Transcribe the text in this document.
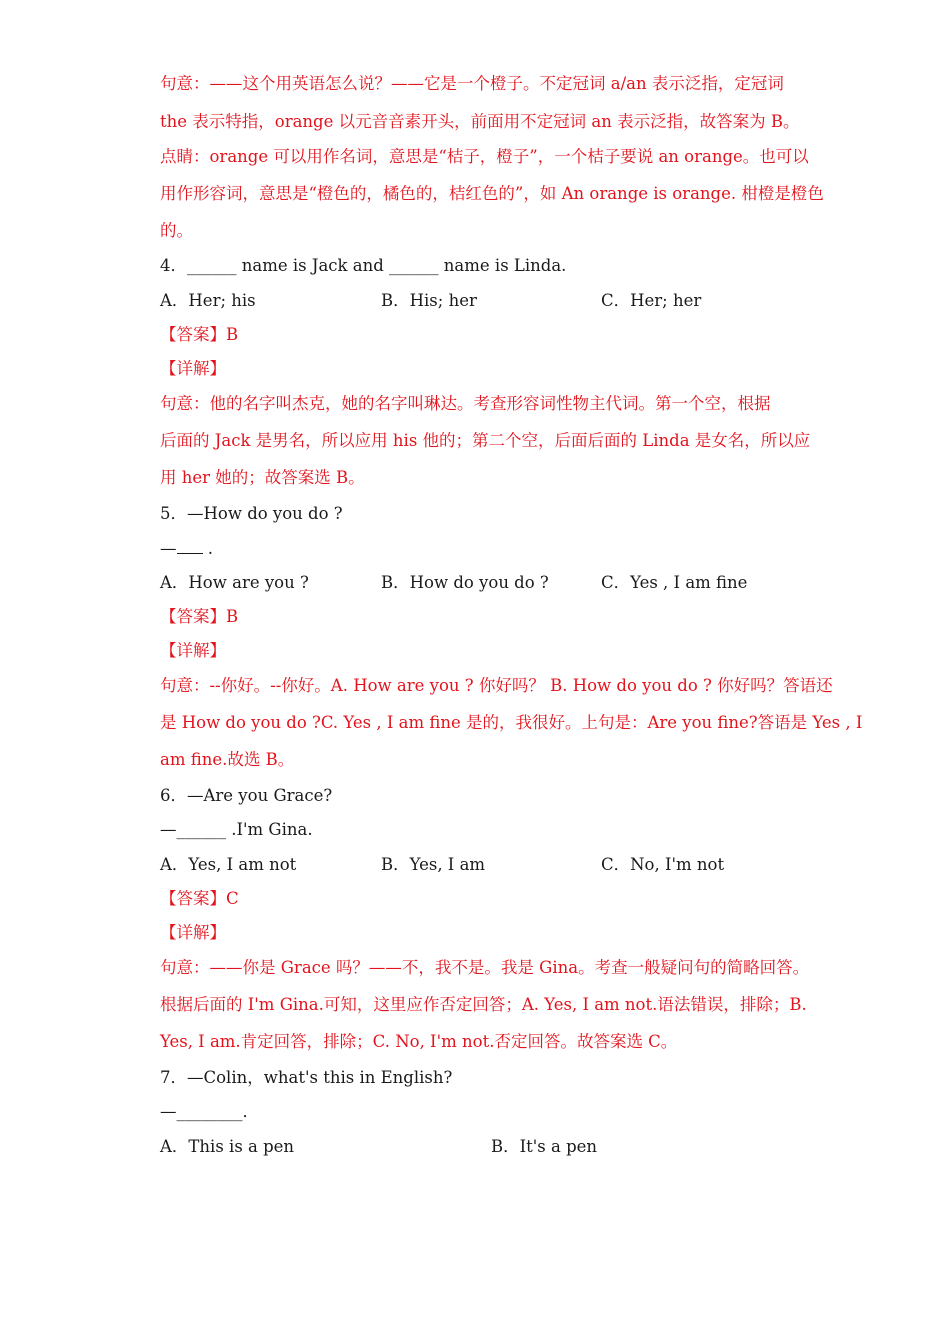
句意：——这个用英语怎么说？——它是一个橙子。不定冠词 a/an 表示泛指，定冠词
the 表示特指，orange 以元音音素开头，前面用不定冠词 an 表示泛指，故答案为 B。
点睛：orange 可以用作名词，意思是“桔子，橙子”，一个桔子要说 an orange。也可以
用作形容词，意思是“橙色的，橘色的，桔红色的”，如 An orange is orange. 柑橙是橙色
的。
4．______ name is Jack and ______ name is Linda.
A．Her; his	B．His; her	C．Her; her
【答案】B
【详解】
句意：他的名字叫杰克，她的名字叫琳达。考查形容词性物主代词。第一个空，根据
后面的 Jack 是男名，所以应用 his 他的；第二个空，后面后面的 Linda 是女名，所以应
用 her 她的；故答案选 B。
5．—How do you do ?
— .
A．How are you ?	B．How do you do ?	C．Yes , I am fine
【答案】B
【详解】
句意：--你好。--你好。A. How are you ? 你好吗？ B. How do you do ? 你好吗？答语还
是 How do you do ?C. Yes , I am fine 是的，我很好。上句是：Are you fine?答语是 Yes , I
am fine.故选 B。
6．—Are you Grace?
—______ .I'm Gina.
A．Yes, I am not	B．Yes, I am	C．No, I'm not
【答案】C
【详解】
句意：——你是 Grace 吗？——不，我不是。我是 Gina。考查一般疑问句的简略回答。
根据后面的 I'm Gina.可知，这里应作否定回答；A. Yes, I am not.语法错误，排除；B.
Yes, I am.肯定回答，排除；C. No, I'm not.否定回答。故答案选 C。
7．—Colin，what's this in English?
—________．
A．This is a pen	B．It's a pen
